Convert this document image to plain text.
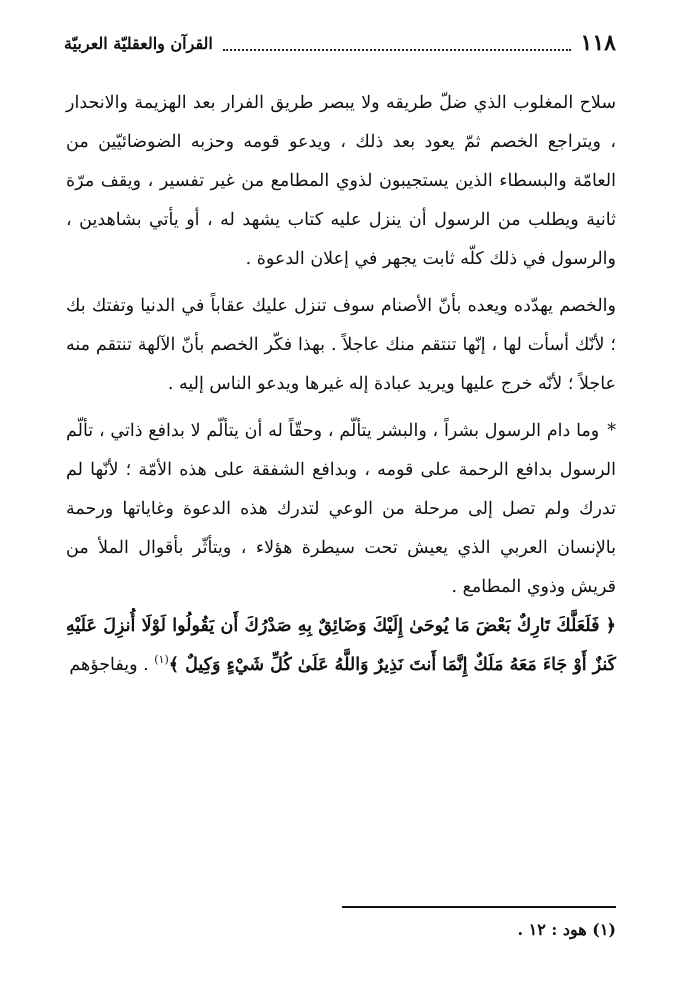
١١٨
القرآن والعقليّة العربيّة

سلاح المغلوب الذي ضلّ طريقه ولا يبصر طريق الفرار بعد الهزيمة والانحدار ، ويتراجع الخصم ثمّ يعود بعد ذلك ، ويدعو قومه وحزبه الضوضائيّين من العامّة والبسطاء الذين يستجيبون لذوي المطامع من غير تفسير ، ويقف مرّة ثانية ويطلب من الرسول أن ينزل عليه كتاب يشهد له ، أو يأتي بشاهدين ، والرسول في ذلك كلّه ثابت يجهر في إعلان الدعوة .

والخصم يهدّده ويعده بأنّ الأصنام سوف تنزل عليك عقاباً في الدنيا وتفتك بك ؛ لأنّك أسأت لها ، إنّها تنتقم منك عاجلاً . بهذا فكّر الخصم بأنّ الآلهة تنتقم منه عاجلاً ؛ لأنّه خرج عليها ويريد عبادة إله غيرها ويدعو الناس إليه .

*وما دام الرسول بشراً ، والبشر يتألّم ، وحقّاً له أن يتألّم لا بدافع ذاتي ، تألّم الرسول بدافع الرحمة على قومه ، وبدافع الشفقة على هذه الأمّة ؛ لأنّها لم تدرك ولم تصل إلى مرحلة من الوعي لتدرك هذه الدعوة وغاياتها ورحمة بالإنسان العربي الذي يعيش تحت سيطرة هؤلاء ، ويتأثّر بأقوال الملأ من قريش وذوي المطامع .

﴿ فَلَعَلَّكَ تَارِكٌ بَعْضَ مَا يُوحَىٰ إِلَيْكَ وَضَائِقٌ بِهِ صَدْرُكَ أَن يَقُولُوا لَوْلَا أُنزِلَ عَلَيْهِ كَنزٌ أَوْ جَاءَ مَعَهُ مَلَكٌ إِنَّمَا أَنتَ نَذِيرٌ وَاللَّهُ عَلَىٰ كُلِّ شَيْءٍ وَكِيلٌ ﴾$^{(١)}$ . ويفاجؤهم

(١) هود : ١٢ .
